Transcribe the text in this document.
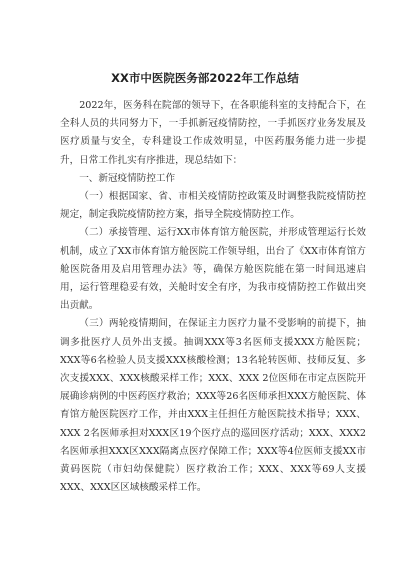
XX市中医院医务部2022年工作总结

2022年，医务科在院部的领导下，在各职能科室的支持配合下，在全科人员的共同努力下，一手抓新冠疫情防控，一手抓医疗业务发展及医疗质量与安全，专科建设工作成效明显，中医药服务能力进一步提升，日常工作扎实有序推进，现总结如下：

一、新冠疫情防控工作

（一）根据国家、省、市相关疫情防控政策及时调整我院疫情防控规定，制定我院疫情防控方案，指导全院疫情防控工作。

（二）承接管理、运行XX市体育馆方舱医院，并形成管理运行长效机制，成立了XX市体育馆方舱医院工作领导组，出台了《XX市体育馆方舱医院备用及启用管理办法》等，确保方舱医院能在第一时间迅速启用，运行管理稳妥有效，关舱时安全有序，为我市疫情防控工作做出突出贡献。

（三）两轮疫情期间，在保证主力医疗力量不受影响的前提下，抽调多批医疗人员外出支援。抽调XXX等3名医师支援XXX方舱医院；XXX等6名检验人员支援XXX核酸检测；13名轮转医师、技师反复、多次支援XXX、XXX核酸采样工作；XXX、XXX 2位医师在市定点医院开展确诊病例的中医药医疗救治；XXX等26名医师承担XXX方舱医院、体育馆方舱医院医疗工作，并由XXX主任担任方舱医院技术指导；XXX、XXX 2名医师承担对XXX区19个医疗点的巡回医疗活动；XXX、XXX2名医师承担XXX区XXX隔离点医疗保障工作；XXX等4位医师支援XX市黄码医院（市妇幼保健院）医疗救治工作；XXX、XXX等69人支援XXX、XXX区区域核酸采样工作。
